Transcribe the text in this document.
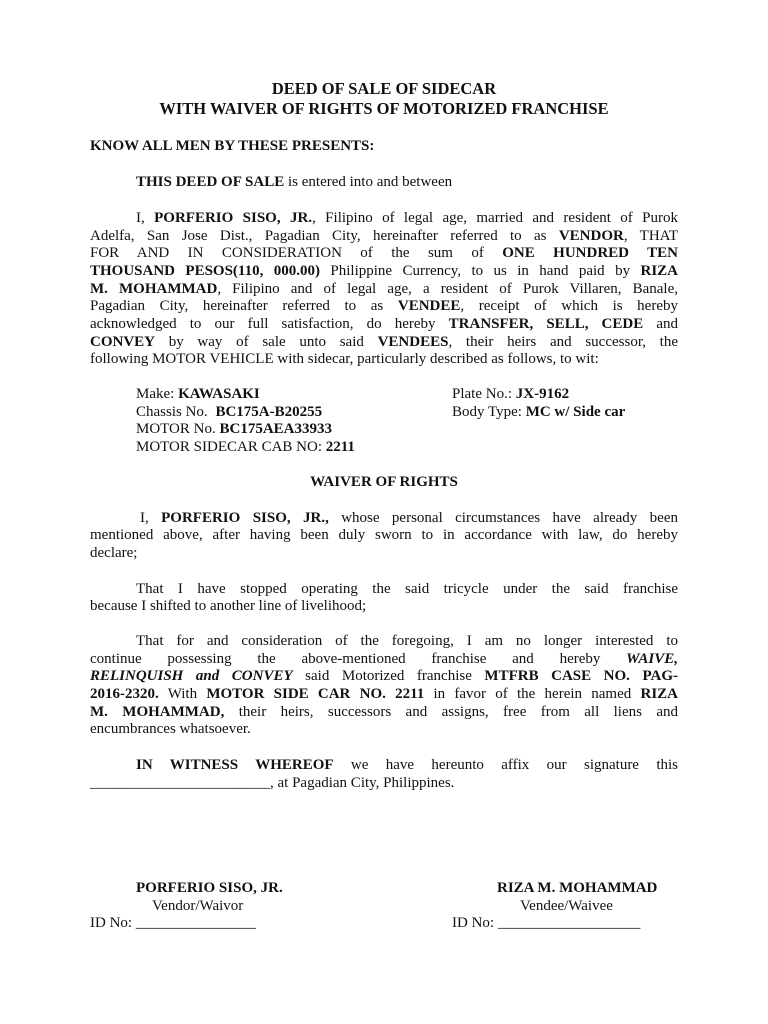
DEED OF SALE OF SIDECAR
WITH WAIVER OF RIGHTS OF MOTORIZED FRANCHISE
KNOW ALL MEN BY THESE PRESENTS:
THIS DEED OF SALE is entered into and between
I, PORFERIO SISO, JR., Filipino of legal age, married and resident of Purok
Adelfa, San Jose Dist., Pagadian City, hereinafter referred to as VENDOR, THAT
FOR AND IN CONSIDERATION of the sum of ONE HUNDRED TEN
THOUSAND PESOS(110, 000.00) Philippine Currency, to us in hand paid by RIZA
M. MOHAMMAD, Filipino and of legal age, a resident of Purok Villaren, Banale,
Pagadian City, hereinafter referred to as VENDEE, receipt of which is hereby
acknowledged to our full satisfaction, do hereby TRANSFER, SELL, CEDE and
CONVEY by way of sale unto said VENDEES, their heirs and successor, the
following MOTOR VEHICLE with sidecar, particularly described as follows, to wit:
Make: KAWASAKI
Chassis No. BC175A-B20255
MOTOR No. BC175AEA33933
MOTOR SIDECAR CAB NO: 2211
Plate No.: JX-9162
Body Type: MC w/ Side car
WAIVER OF RIGHTS
I, PORFERIO SISO, JR., whose personal circumstances have already been
mentioned above, after having been duly sworn to in accordance with law, do hereby
declare;
That I have stopped operating the said tricycle under the said franchise
because I shifted to another line of livelihood;
That for and consideration of the foregoing, I am no longer interested to
continue possessing the above-mentioned franchise and hereby WAIVE,
RELINQUISH and CONVEY said Motorized franchise MTFRB CASE NO. PAG-
2016-2320. With MOTOR SIDE CAR NO. 2211 in favor of the herein named RIZA
M. MOHAMMAD, their heirs, successors and assigns, free from all liens and
encumbrances whatsoever.
IN WITNESS WHEREOF we have hereunto affix our signature this
________________________, at Pagadian City, Philippines.
PORFERIO SISO, JR.
Vendor/Waivor
ID No: ________________
RIZA M. MOHAMMAD
Vendee/Waivee
ID No: ___________________
